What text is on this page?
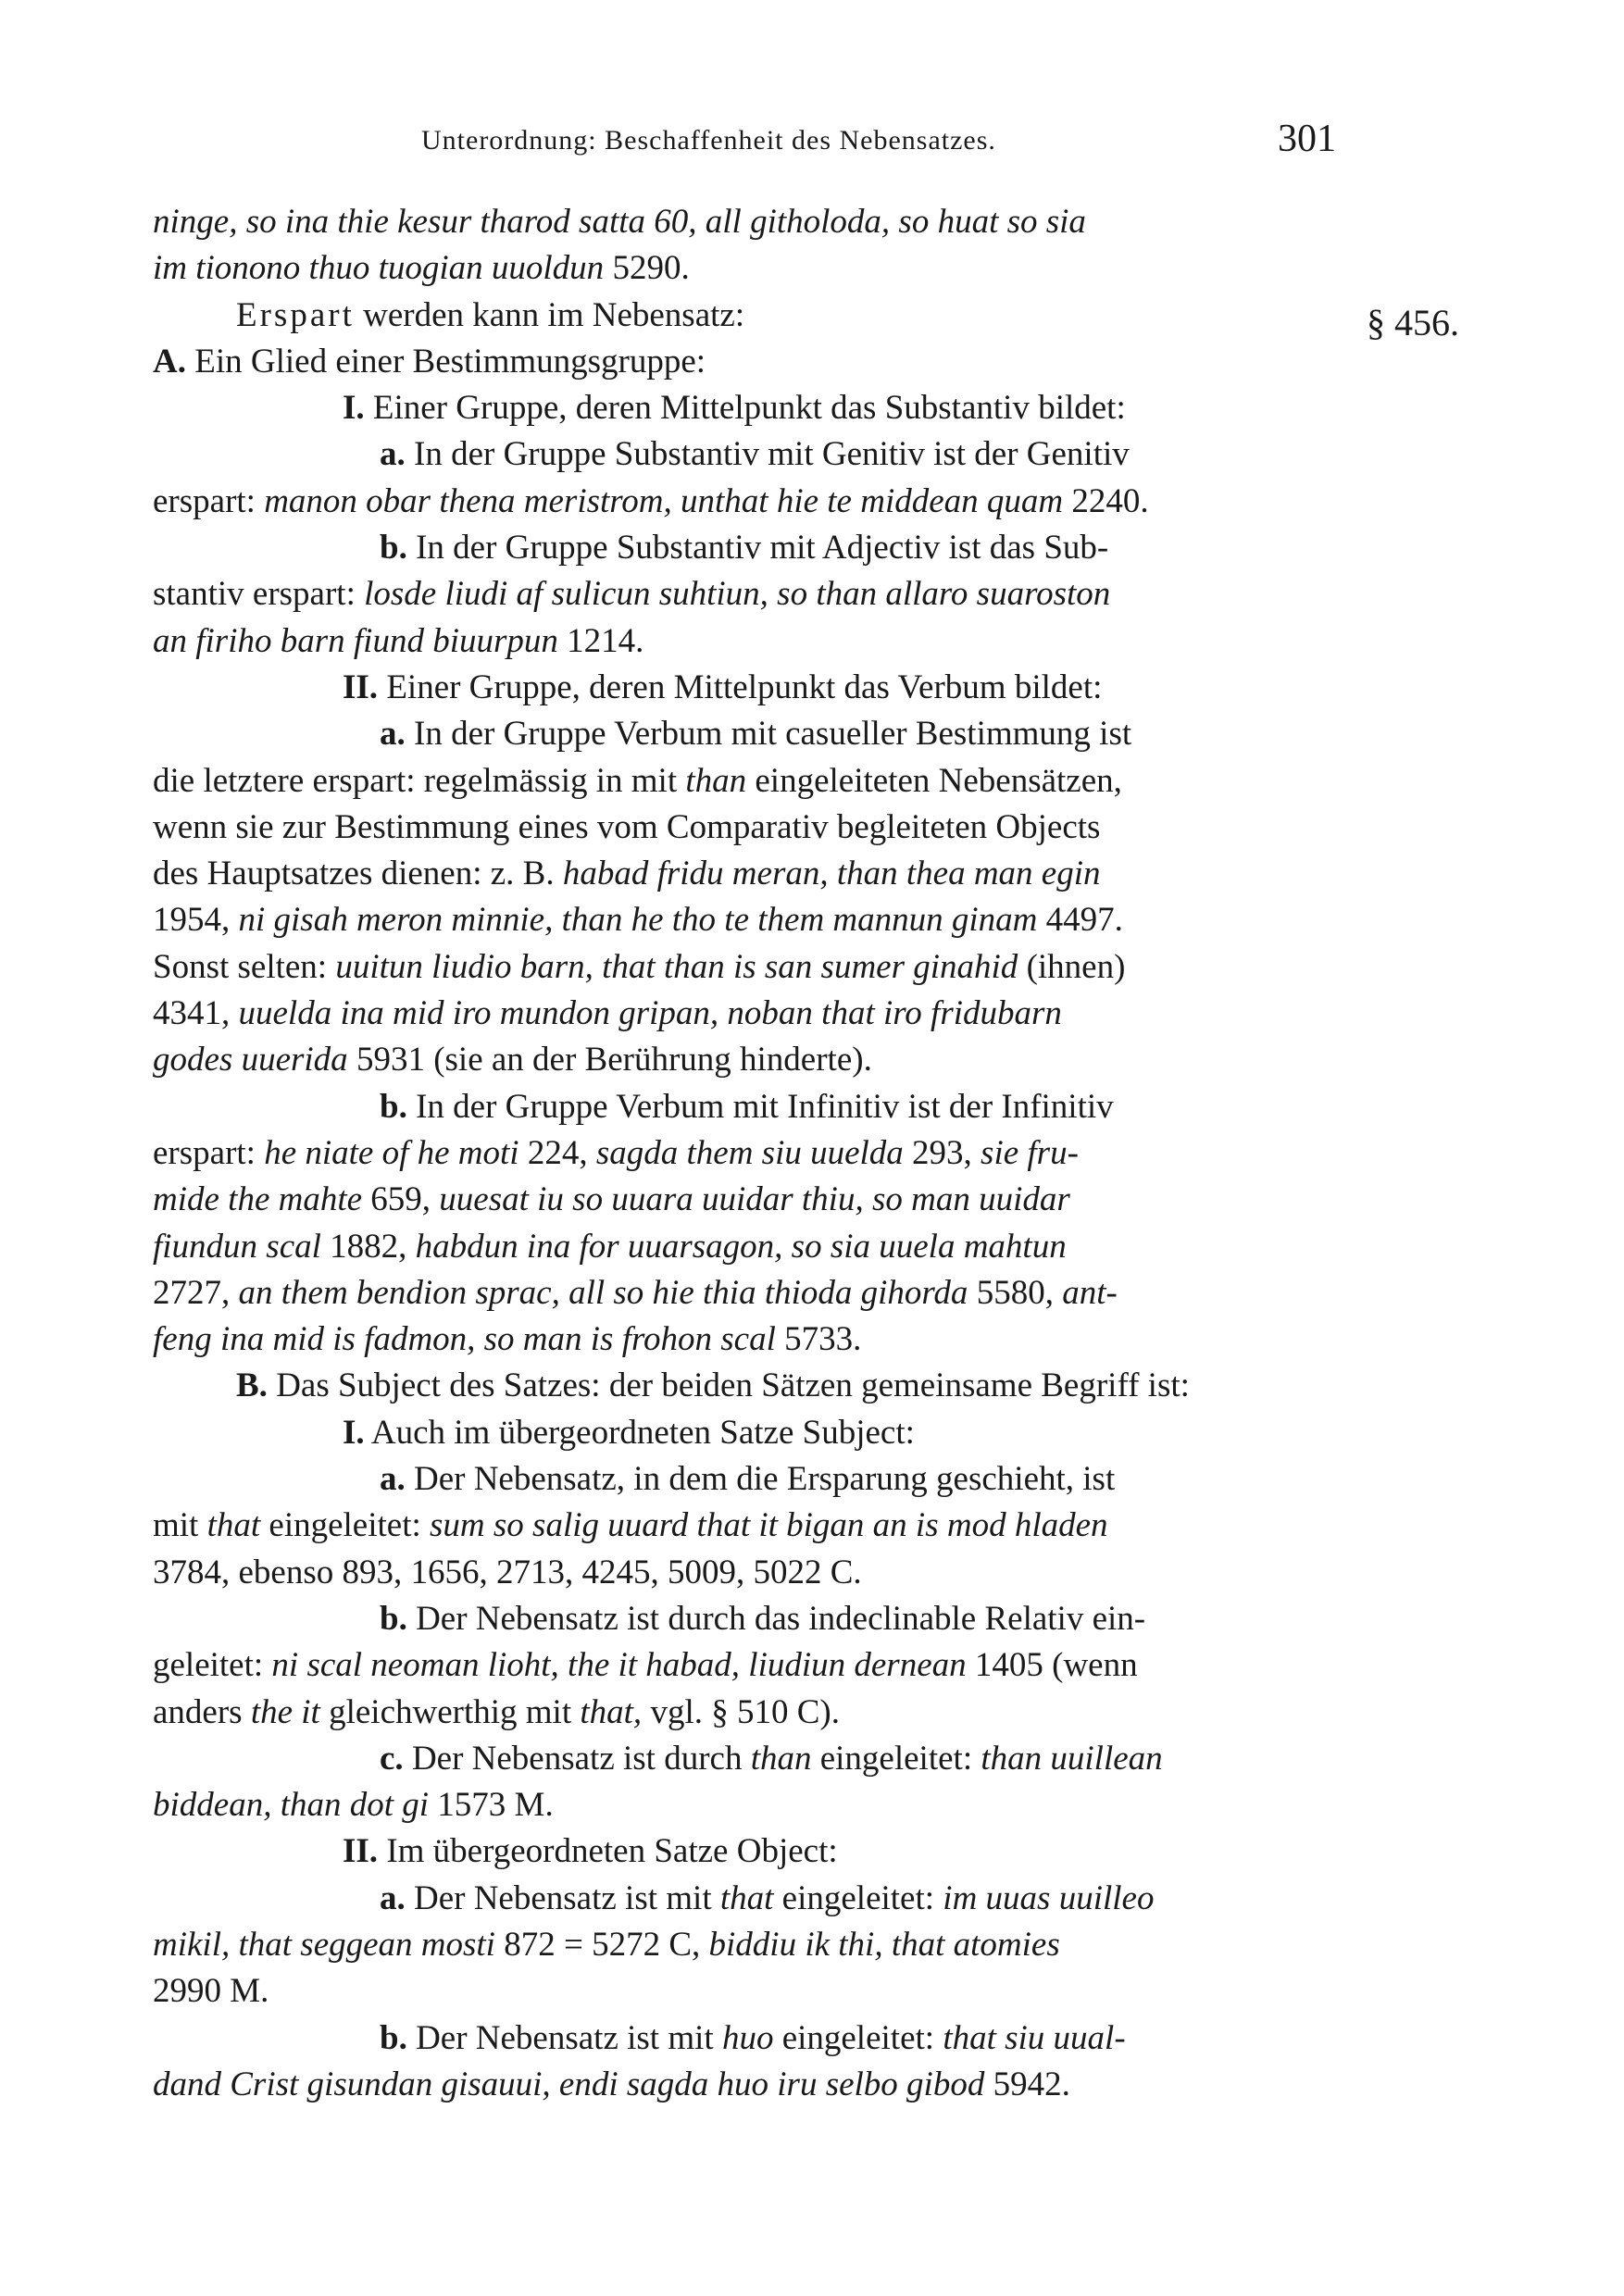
Unterordnung: Beschaffenheit des Nebensatzes.	301
§ 456.
ninge, so ina thie kesur tharod satta 60, all githoloda, so huat so sia
im tionono thuo tuogian uuoldun 5290.
Erspart werden kann im Nebensatz:
A. Ein Glied einer Bestimmungsgruppe:
I. Einer Gruppe, deren Mittelpunkt das Substantiv bildet:
a. In der Gruppe Substantiv mit Genitiv ist der Genitiv
erspart: manon obar thena meristrom, unthat hie te middean quam 2240.
b. In der Gruppe Substantiv mit Adjectiv ist das Sub-
stantiv erspart: losde liudi af sulicun suhtiun, so than allaro suaroston
an firiho barn fiund biuurpun 1214.
II. Einer Gruppe, deren Mittelpunkt das Verbum bildet:
a. In der Gruppe Verbum mit casueller Bestimmung ist
die letztere erspart: regelmässig in mit than eingeleiteten Nebensätzen,
wenn sie zur Bestimmung eines vom Comparativ begleiteten Objects
des Hauptsatzes dienen: z. B. habad fridu meran, than thea man egin
1954, ni gisah meron minnie, than he tho te them mannun ginam 4497.
Sonst selten: uuitun liudio barn, that than is san sumer ginahid (ihnen)
4341, uuelda ina mid iro mundon gripan, noban that iro fridubarn
godes uuerida 5931 (sie an der Berührung hinderte).
b. In der Gruppe Verbum mit Infinitiv ist der Infinitiv
erspart: he niate of he moti 224, sagda them siu uuelda 293, sie fru-
mide the mahte 659, uuesat iu so uuara uuidar thiu, so man uuidar
fiundun scal 1882, habdun ina for uuarsagon, so sia uuela mahtun
2727, an them bendion sprac, all so hie thia thioda gihorda 5580, ant-
feng ina mid is fadmon, so man is frohon scal 5733.
B. Das Subject des Satzes: der beiden Sätzen gemeinsame Begriff ist:
I. Auch im übergeordneten Satze Subject:
a. Der Nebensatz, in dem die Ersparung geschieht, ist
mit that eingeleitet: sum so salig uuard that it bigan an is mod hladen
3784, ebenso 893, 1656, 2713, 4245, 5009, 5022 C.
b. Der Nebensatz ist durch das indeclinable Relativ ein-
geleitet: ni scal neoman lioht, the it habad, liudiun dernean 1405 (wenn
anders the it gleichwerthig mit that, vgl. § 510 C).
c. Der Nebensatz ist durch than eingeleitet: than uuillean
biddean, than dot gi 1573 M.
II. Im übergeordneten Satze Object:
a. Der Nebensatz ist mit that eingeleitet: im uuas uuilleo
mikil, that seggean mosti 872 = 5272 C, biddiu ik thi, that atomies
2990 M.
b. Der Nebensatz ist mit huo eingeleitet: that siu uual-
dand Crist gisundan gisauui, endi sagda huo iru selbo gibod 5942.
